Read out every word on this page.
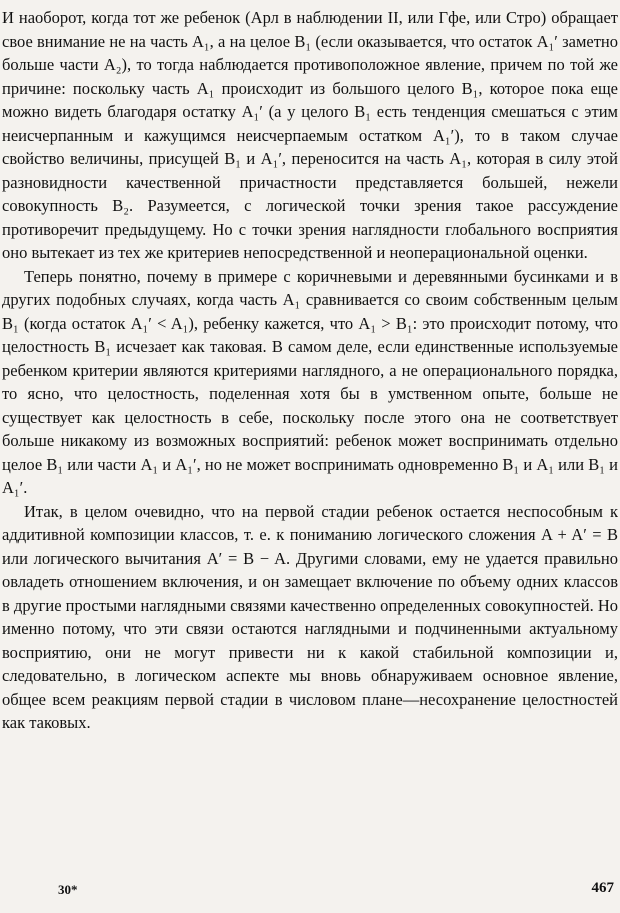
И наоборот, когда тот же ребенок (Арл в наблюдении II, или Гфе, или Стро) обращает свое внимание не на часть A₁, а на целое B₁ (если оказывается, что остаток A₁′ заметно больше части A₂), то тогда наблюдается противоположное явление, причем по той же причине: поскольку часть A₁ происходит из большого целого B₁, которое пока еще можно видеть благодаря остатку A₁′ (а у целого B₁ есть тенденция смешаться с этим неисчерпанным и кажущимся неисчерпаемым остатком A₁′), то в таком случае свойство величины, присущей B₁ и A₁′, переносится на часть A₁, которая в силу этой разновидности качественной причастности представляется большей, нежели совокупность B₂. Разумеется, с логической точки зрения такое рассуждение противоречит предыдущему. Но с точки зрения наглядности глобального восприятия оно вытекает из тех же критериев непосредственной и неоперациональной оценки.

Теперь понятно, почему в примере с коричневыми и деревянными бусинками и в других подобных случаях, когда часть A₁ сравнивается со своим собственным целым B₁ (когда остаток A₁′ < A₁), ребенку кажется, что A₁ > B₁: это происходит потому, что целостность B₁ исчезает как таковая. В самом деле, если единственные используемые ребенком критерии являются критериями наглядного, а не операционального порядка, то ясно, что целостность, поделенная хотя бы в умственном опыте, больше не существует как целостность в себе, поскольку после этого она не соответствует больше никакому из возможных восприятий: ребенок может воспринимать отдельно целое B₁ или части A₁ и A₁′, но не может воспринимать одновременно B₁ и A₁ или B₁ и A₁′.

Итак, в целом очевидно, что на первой стадии ребенок остается неспособным к аддитивной композиции классов, т. е. к пониманию логического сложения A + A′ = B или логического вычитания A′ = B − A. Другими словами, ему не удается правильно овладеть отношением включения, и он замещает включение по объему одних классов в другие простыми наглядными связями качественно определенных совокупностей. Но именно потому, что эти связи остаются наглядными и подчиненными актуальному восприятию, они не могут привести ни к какой стабильной композиции и, следовательно, в логическом аспекте мы вновь обнаруживаем основное явление, общее всем реакциям первой стадии в числовом плане—несохранение целостностей как таковых.

30*	467
